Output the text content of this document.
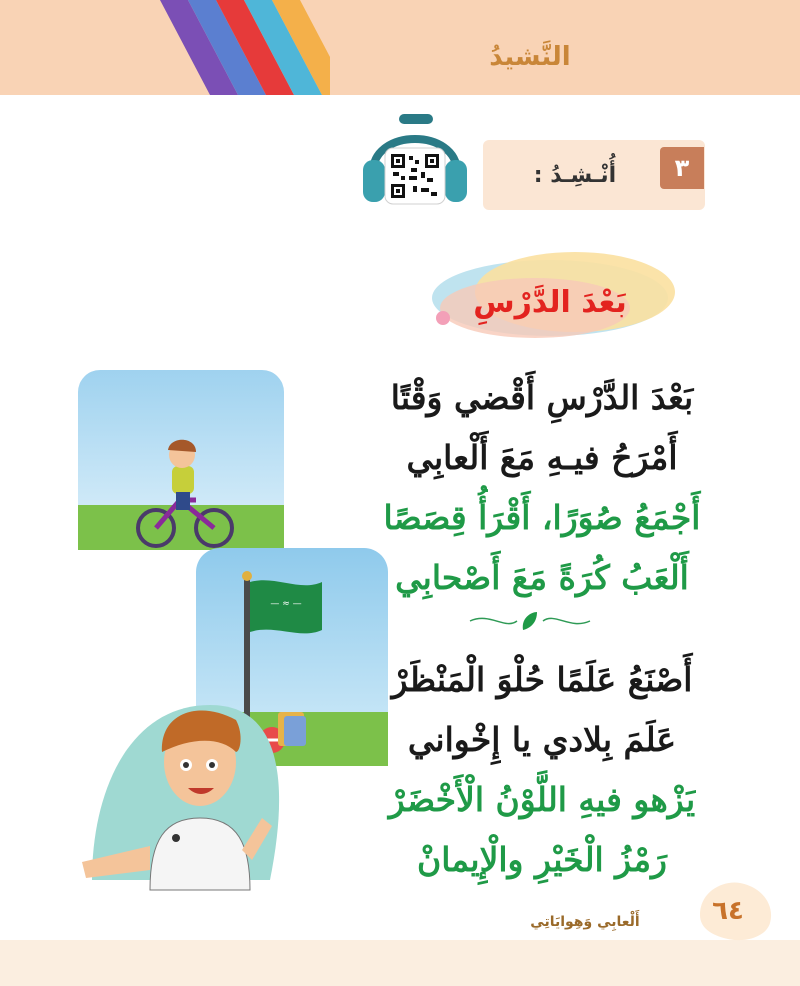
النَّشيدُ
٣
أُنْـشِـدُ :
بَعْدَ الدَّرْسِ
بَعْدَ الدَّرْسِ أَقْضي وَقْتًا
أَمْرَحُ فيـهِ مَعَ أَلْعابِي
أَجْمَعُ صُوَرًا، أَقْرَأُ قِصَصًا
أَلْعَبُ كُرَةً مَعَ أَصْحابِي
أَصْنَعُ عَلَمًا حُلْوَ الْمَنْظَرْ
عَلَمَ بِلادي يا إِخْواني
يَزْهو فيهِ اللَّوْنُ الْأَخْضَرْ
رَمْزُ الْخَيْرِ والْإِيمانْ
— ≈ —
٦٤
أَلْعابِي وَهِوايَاتِي
